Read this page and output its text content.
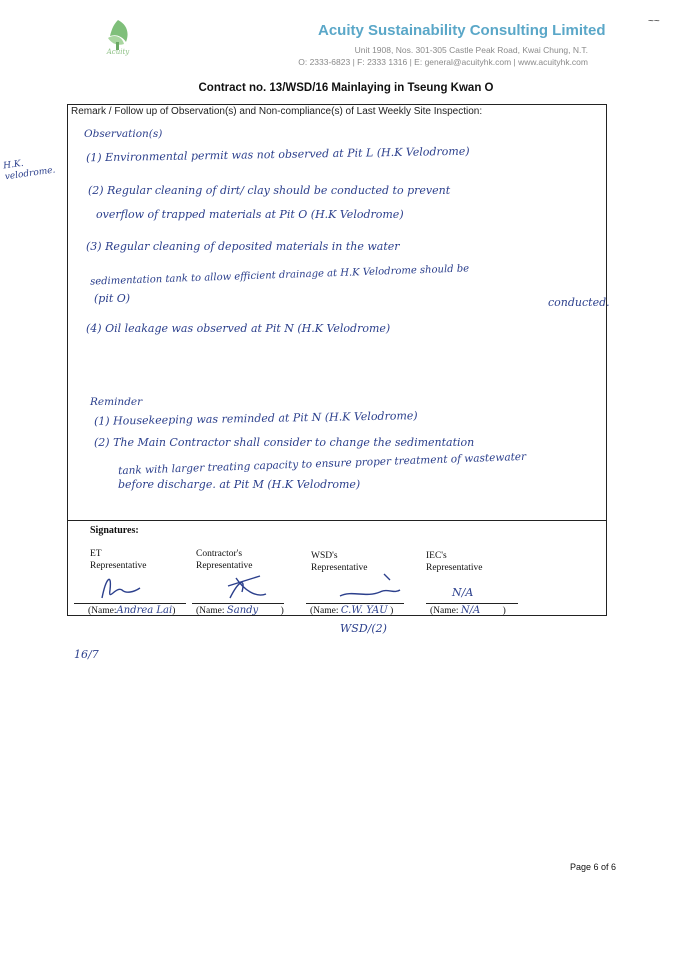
Acuity
Acuity Sustainability Consulting Limited
Unit 1908, Nos. 301-305 Castle Peak Road, Kwai Chung, N.T.
O: 2333-6823 | F: 2333 1316 | E: general@acuityhk.com | www.acuityhk.com
~~
Contract no. 13/WSD/16 Mainlaying in Tseung Kwan O
Remark / Follow up of Observation(s) and Non-compliance(s) of Last Weekly Site Inspection:
H.K. velodrome.
Observation(s)
(1) Environmental permit was not observed at Pit L (H.K Velodrome)
(2) Regular cleaning of dirt/ clay should be conducted to prevent
overflow of trapped materials at Pit O (H.K Velodrome)
(3) Regular cleaning of deposited materials in the water
sedimentation tank to allow efficient drainage at H.K Velodrome should be
(pit O)	conducted.
(4) Oil leakage was observed at Pit N (H.K Velodrome)
Reminder
(1) Housekeeping was reminded at Pit N (H.K Velodrome)
(2) The Main Contractor shall consider to change the sedimentation
tank with larger treating capacity to ensure proper treatment of wastewater
before discharge. at Pit M (H.K Velodrome)
Signatures:
ET
Representative
Contractor's
Representative
WSD's
Representative
IEC's
Representative
N/A
(Name:Andrea Lai) (Name: Sandy )	(Name: C.W. YAU )	(Name: N/A )
WSD/(2)
16/7
Page 6 of 6
